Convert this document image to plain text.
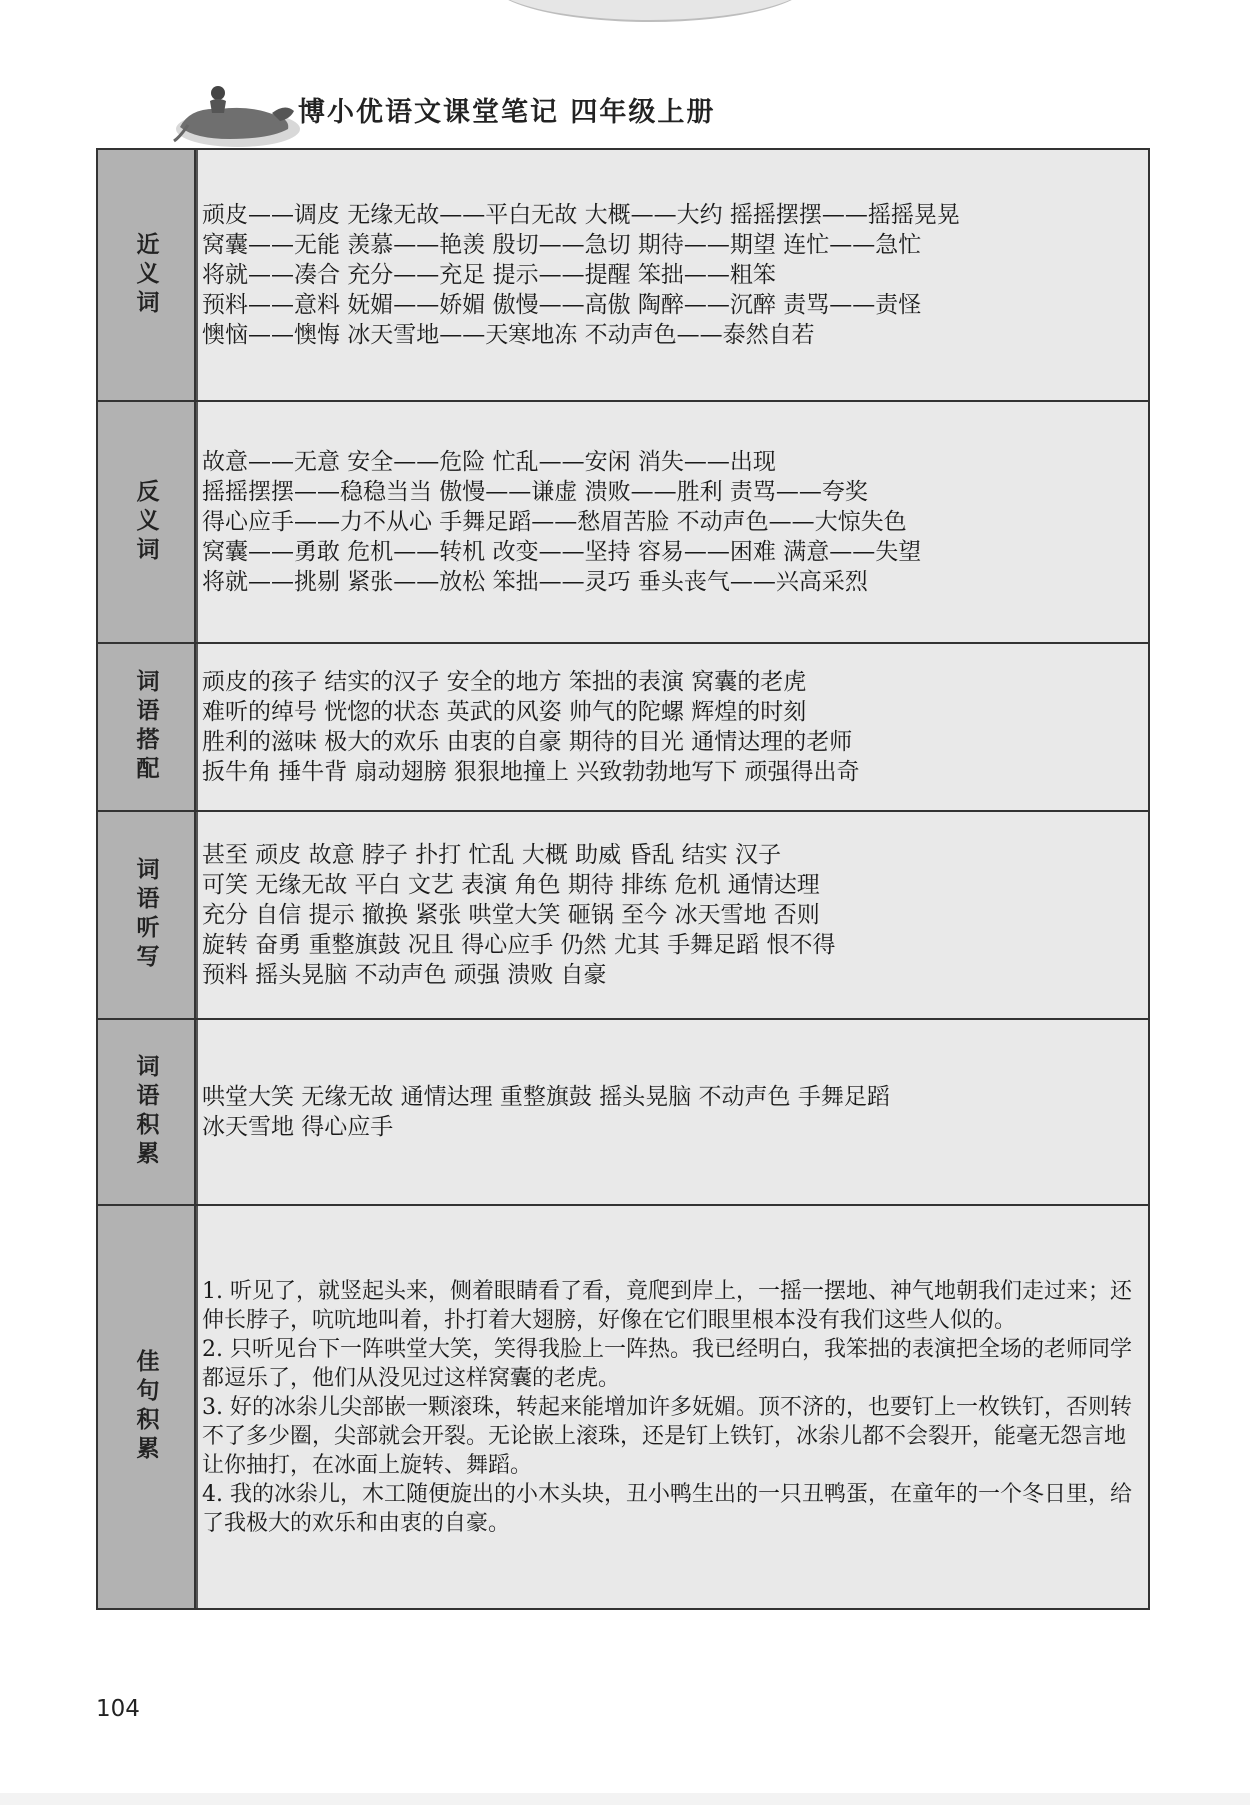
博小优语文课堂笔记 四年级上册
近义词
顽皮——调皮 无缘无故——平白无故 大概——大约 摇摇摆摆——摇摇晃晃
窝囊——无能 羡慕——艳羡 殷切——急切 期待——期望 连忙——急忙
将就——凑合 充分——充足 提示——提醒 笨拙——粗笨
预料——意料 妩媚——娇媚 傲慢——高傲 陶醉——沉醉 责骂——责怪
懊恼——懊悔 冰天雪地——天寒地冻 不动声色——泰然自若
反义词
故意——无意 安全——危险 忙乱——安闲 消失——出现
摇摇摆摆——稳稳当当 傲慢——谦虚 溃败——胜利 责骂——夸奖
得心应手——力不从心 手舞足蹈——愁眉苦脸 不动声色——大惊失色
窝囊——勇敢 危机——转机 改变——坚持 容易——困难 满意——失望
将就——挑剔 紧张——放松 笨拙——灵巧 垂头丧气——兴高采烈
词语搭配 顽皮的孩子 结实的汉子 安全的地方 笨拙的表演 窝囊的老虎
难听的绰号 恍惚的状态 英武的风姿 帅气的陀螺 辉煌的时刻
胜利的滋味 极大的欢乐 由衷的自豪 期待的目光 通情达理的老师
扳牛角 捶牛背 扇动翅膀 狠狠地撞上 兴致勃勃地写下 顽强得出奇
词语听写
甚至 顽皮 故意 脖子 扑打 忙乱 大概 助威 昏乱 结实 汉子
可笑 无缘无故 平白 文艺 表演 角色 期待 排练 危机 通情达理
充分 自信 提示 撤换 紧张 哄堂大笑 砸锅 至今 冰天雪地 否则
旋转 奋勇 重整旗鼓 况且 得心应手 仍然 尤其 手舞足蹈 恨不得
预料 摇头晃脑 不动声色 顽强 溃败 自豪
词语积累 哄堂大笑 无缘无故 通情达理 重整旗鼓 摇头晃脑 不动声色 手舞足蹈
冰天雪地 得心应手
佳句积累
1. 听见了，就竖起头来，侧着眼睛看了看，竟爬到岸上，一摇一摆地、神气地朝我们走过来；还伸长脖子，吭吭地叫着，扑打着大翅膀，好像在它们眼里根本没有我们这些人似的。
2. 只听见台下一阵哄堂大笑，笑得我脸上一阵热。我已经明白，我笨拙的表演把全场的老师同学都逗乐了，他们从没见过这样窝囊的老虎。
3. 好的冰尜儿尖部嵌一颗滚珠，转起来能增加许多妩媚。顶不济的，也要钉上一枚铁钉，否则转不了多少圈，尖部就会开裂。无论嵌上滚珠，还是钉上铁钉，冰尜儿都不会裂开，能毫无怨言地让你抽打，在冰面上旋转、舞蹈。
4. 我的冰尜儿，木工随便旋出的小木头块，丑小鸭生出的一只丑鸭蛋，在童年的一个冬日里，给了我极大的欢乐和由衷的自豪。
104
